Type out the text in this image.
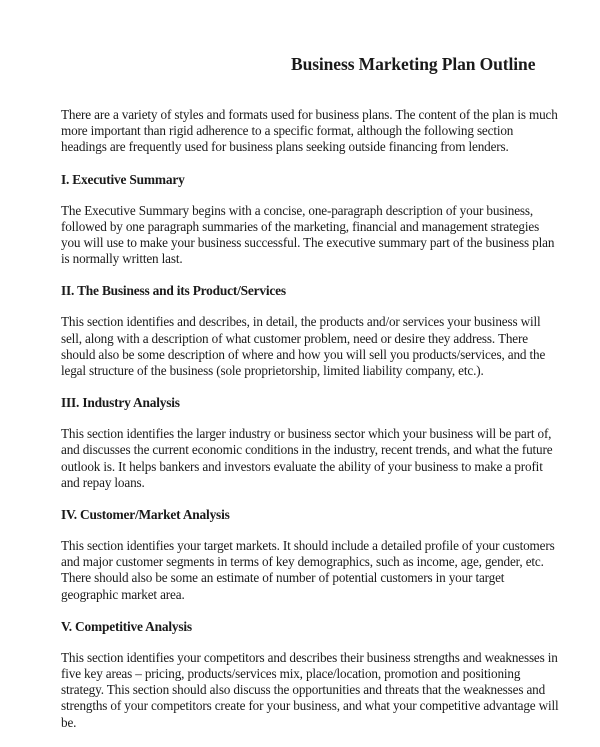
Business Marketing Plan Outline

There are a variety of styles and formats used for business plans. The content of the plan is much more important than rigid adherence to a specific format, although the following section headings are frequently used for business plans seeking outside financing from lenders.

I. Executive Summary

The Executive Summary begins with a concise, one-paragraph description of your business, followed by one paragraph summaries of the marketing, financial and management strategies you will use to make your business successful. The executive summary part of the business plan is normally written last.

II. The Business and its Product/Services

This section identifies and describes, in detail, the products and/or services your business will sell, along with a description of what customer problem, need or desire they address. There should also be some description of where and how you will sell you products/services, and the legal structure of the business (sole proprietorship, limited liability company, etc.).

III. Industry Analysis

This section identifies the larger industry or business sector which your business will be part of, and discusses the current economic conditions in the industry, recent trends, and what the future outlook is. It helps bankers and investors evaluate the ability of your business to make a profit and repay loans.

IV. Customer/Market Analysis

This section identifies your target markets. It should include a detailed profile of your customers and major customer segments in terms of key demographics, such as income, age, gender, etc. There should also be some an estimate of number of potential customers in your target geographic market area.

V. Competitive Analysis

This section identifies your competitors and describes their business strengths and weaknesses in five key areas – pricing, products/services mix, place/location, promotion and positioning strategy. This section should also discuss the opportunities and threats that the weaknesses and strengths of your competitors create for your business, and what your competitive advantage will be.
